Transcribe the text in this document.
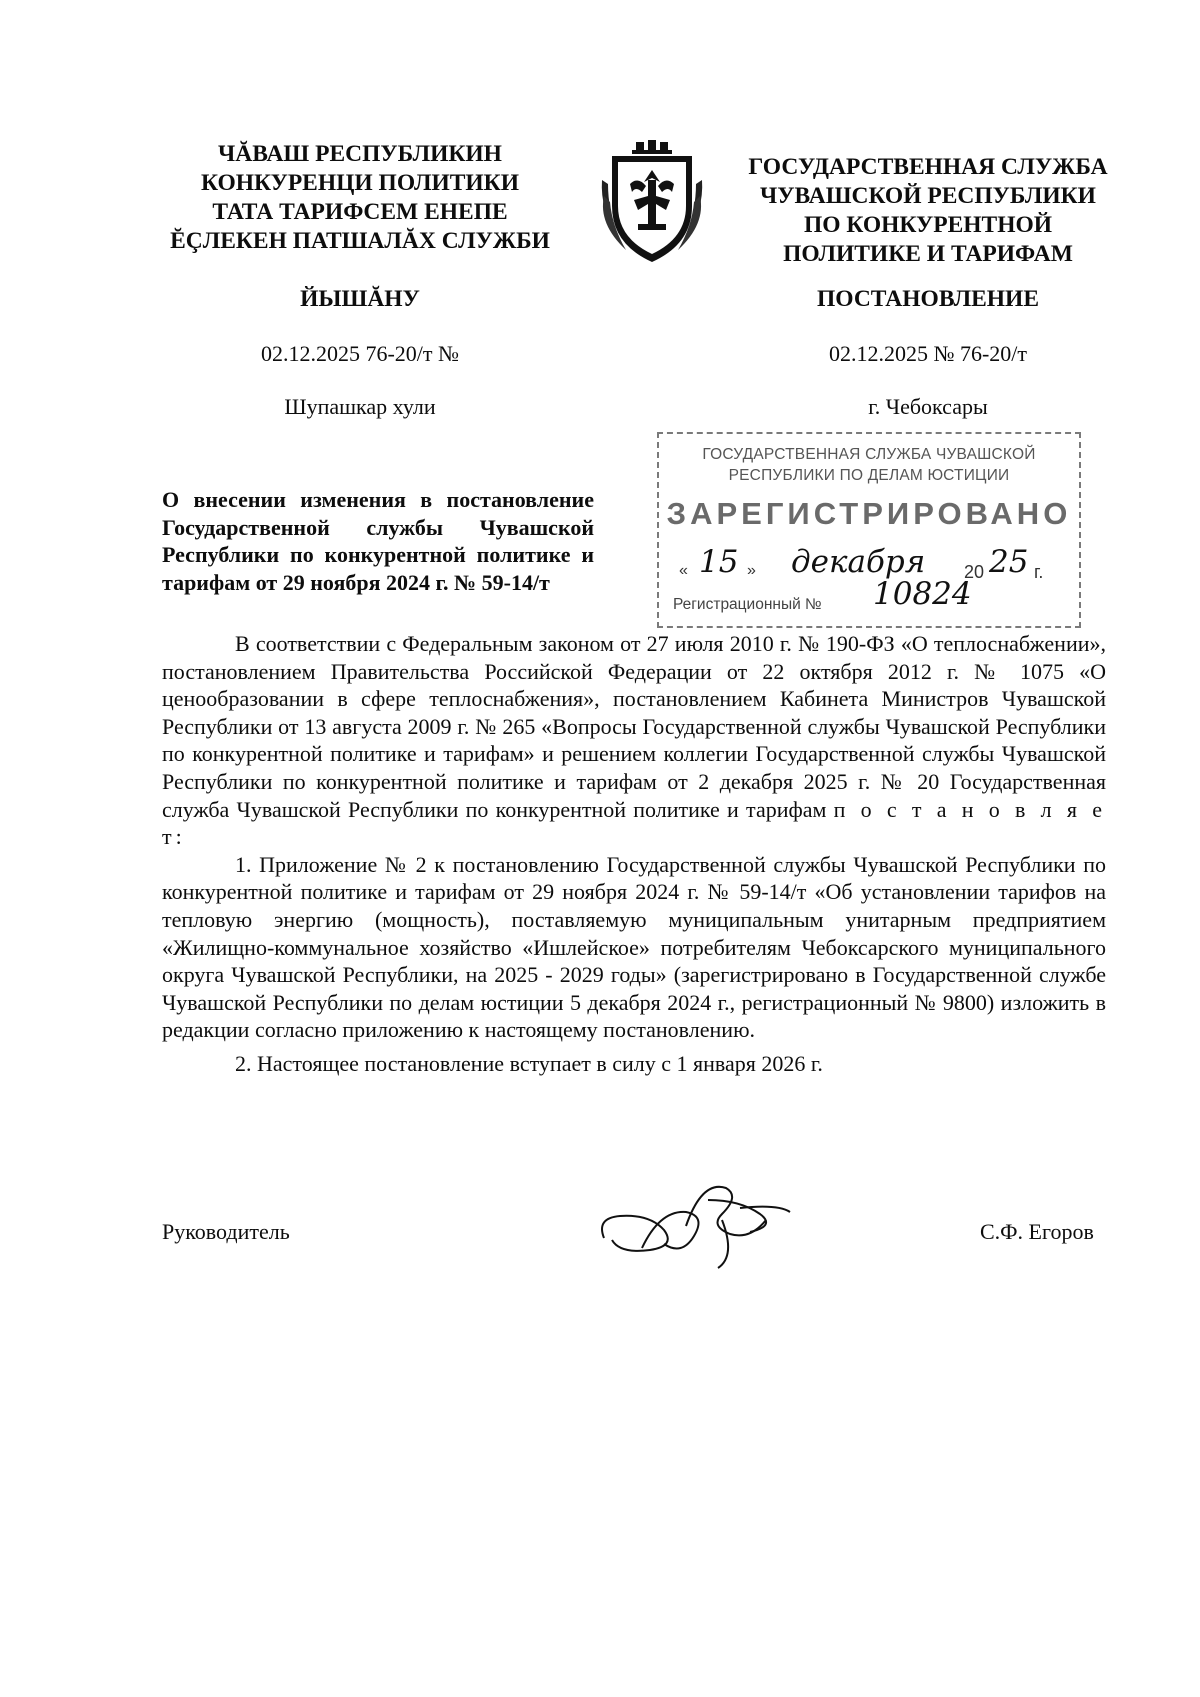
ЧĂВАШ РЕСПУБЛИКИН
КОНКУРЕНЦИ ПОЛИТИКИ
ТАТА ТАРИФСЕМ ЕНЕПЕ
ĔÇЛЕКЕН ПАТШАЛĂХ СЛУЖБИ
ГОСУДАРСТВЕННАЯ СЛУЖБА
ЧУВАШСКОЙ РЕСПУБЛИКИ
ПО КОНКУРЕНТНОЙ
ПОЛИТИКЕ И ТАРИФАМ
ЙЫШĂНУ	ПОСТАНОВЛЕНИЕ
02.12.2025 76-20/т №	02.12.2025 № 76-20/т
Шупашкар хули	г. Чебоксары
О внесении изменения в постановление Государственной службы Чувашской Республики по конкурентной политике и тарифам от 29 ноября 2024 г. № 59-14/т
ГОСУДАРСТВЕННАЯ СЛУЖБА ЧУВАШСКОЙ
РЕСПУБЛИКИ ПО ДЕЛАМ ЮСТИЦИИ
ЗАРЕГИСТРИРОВАНО
« 15 » декабря 20 25 г.
Регистрационный № 10824

В соответствии с Федеральным законом от 27 июля 2010 г. № 190-ФЗ «О теплоснабжении», постановлением Правительства Российской Федерации от 22 октября 2012 г. № 1075 «О ценообразовании в сфере теплоснабжения», постановлением Кабинета Министров Чувашской Республики от 13 августа 2009 г. № 265 «Вопросы Государственной службы Чувашской Республики по конкурентной политике и тарифам» и решением коллегии Государственной службы Чувашской Республики по конкурентной политике и тарифам от 2 декабря 2025 г. № 20 Государственная служба Чувашской Республики по конкурентной политике и тарифам п о с т а н о в л я е т:

1. Приложение № 2 к постановлению Государственной службы Чувашской Республики по конкурентной политике и тарифам от 29 ноября 2024 г. № 59-14/т «Об установлении тарифов на тепловую энергию (мощность), поставляемую муниципальным унитарным предприятием «Жилищно-коммунальное хозяйство «Ишлейское» потребителям Чебоксарского муниципального округа Чувашской Республики, на 2025 - 2029 годы» (зарегистрировано в Государственной службе Чувашской Республики по делам юстиции 5 декабря 2024 г., регистрационный № 9800) изложить в редакции согласно приложению к настоящему постановлению.

2. Настоящее постановление вступает в силу с 1 января 2026 г.

Руководитель	С.Ф. Егоров
